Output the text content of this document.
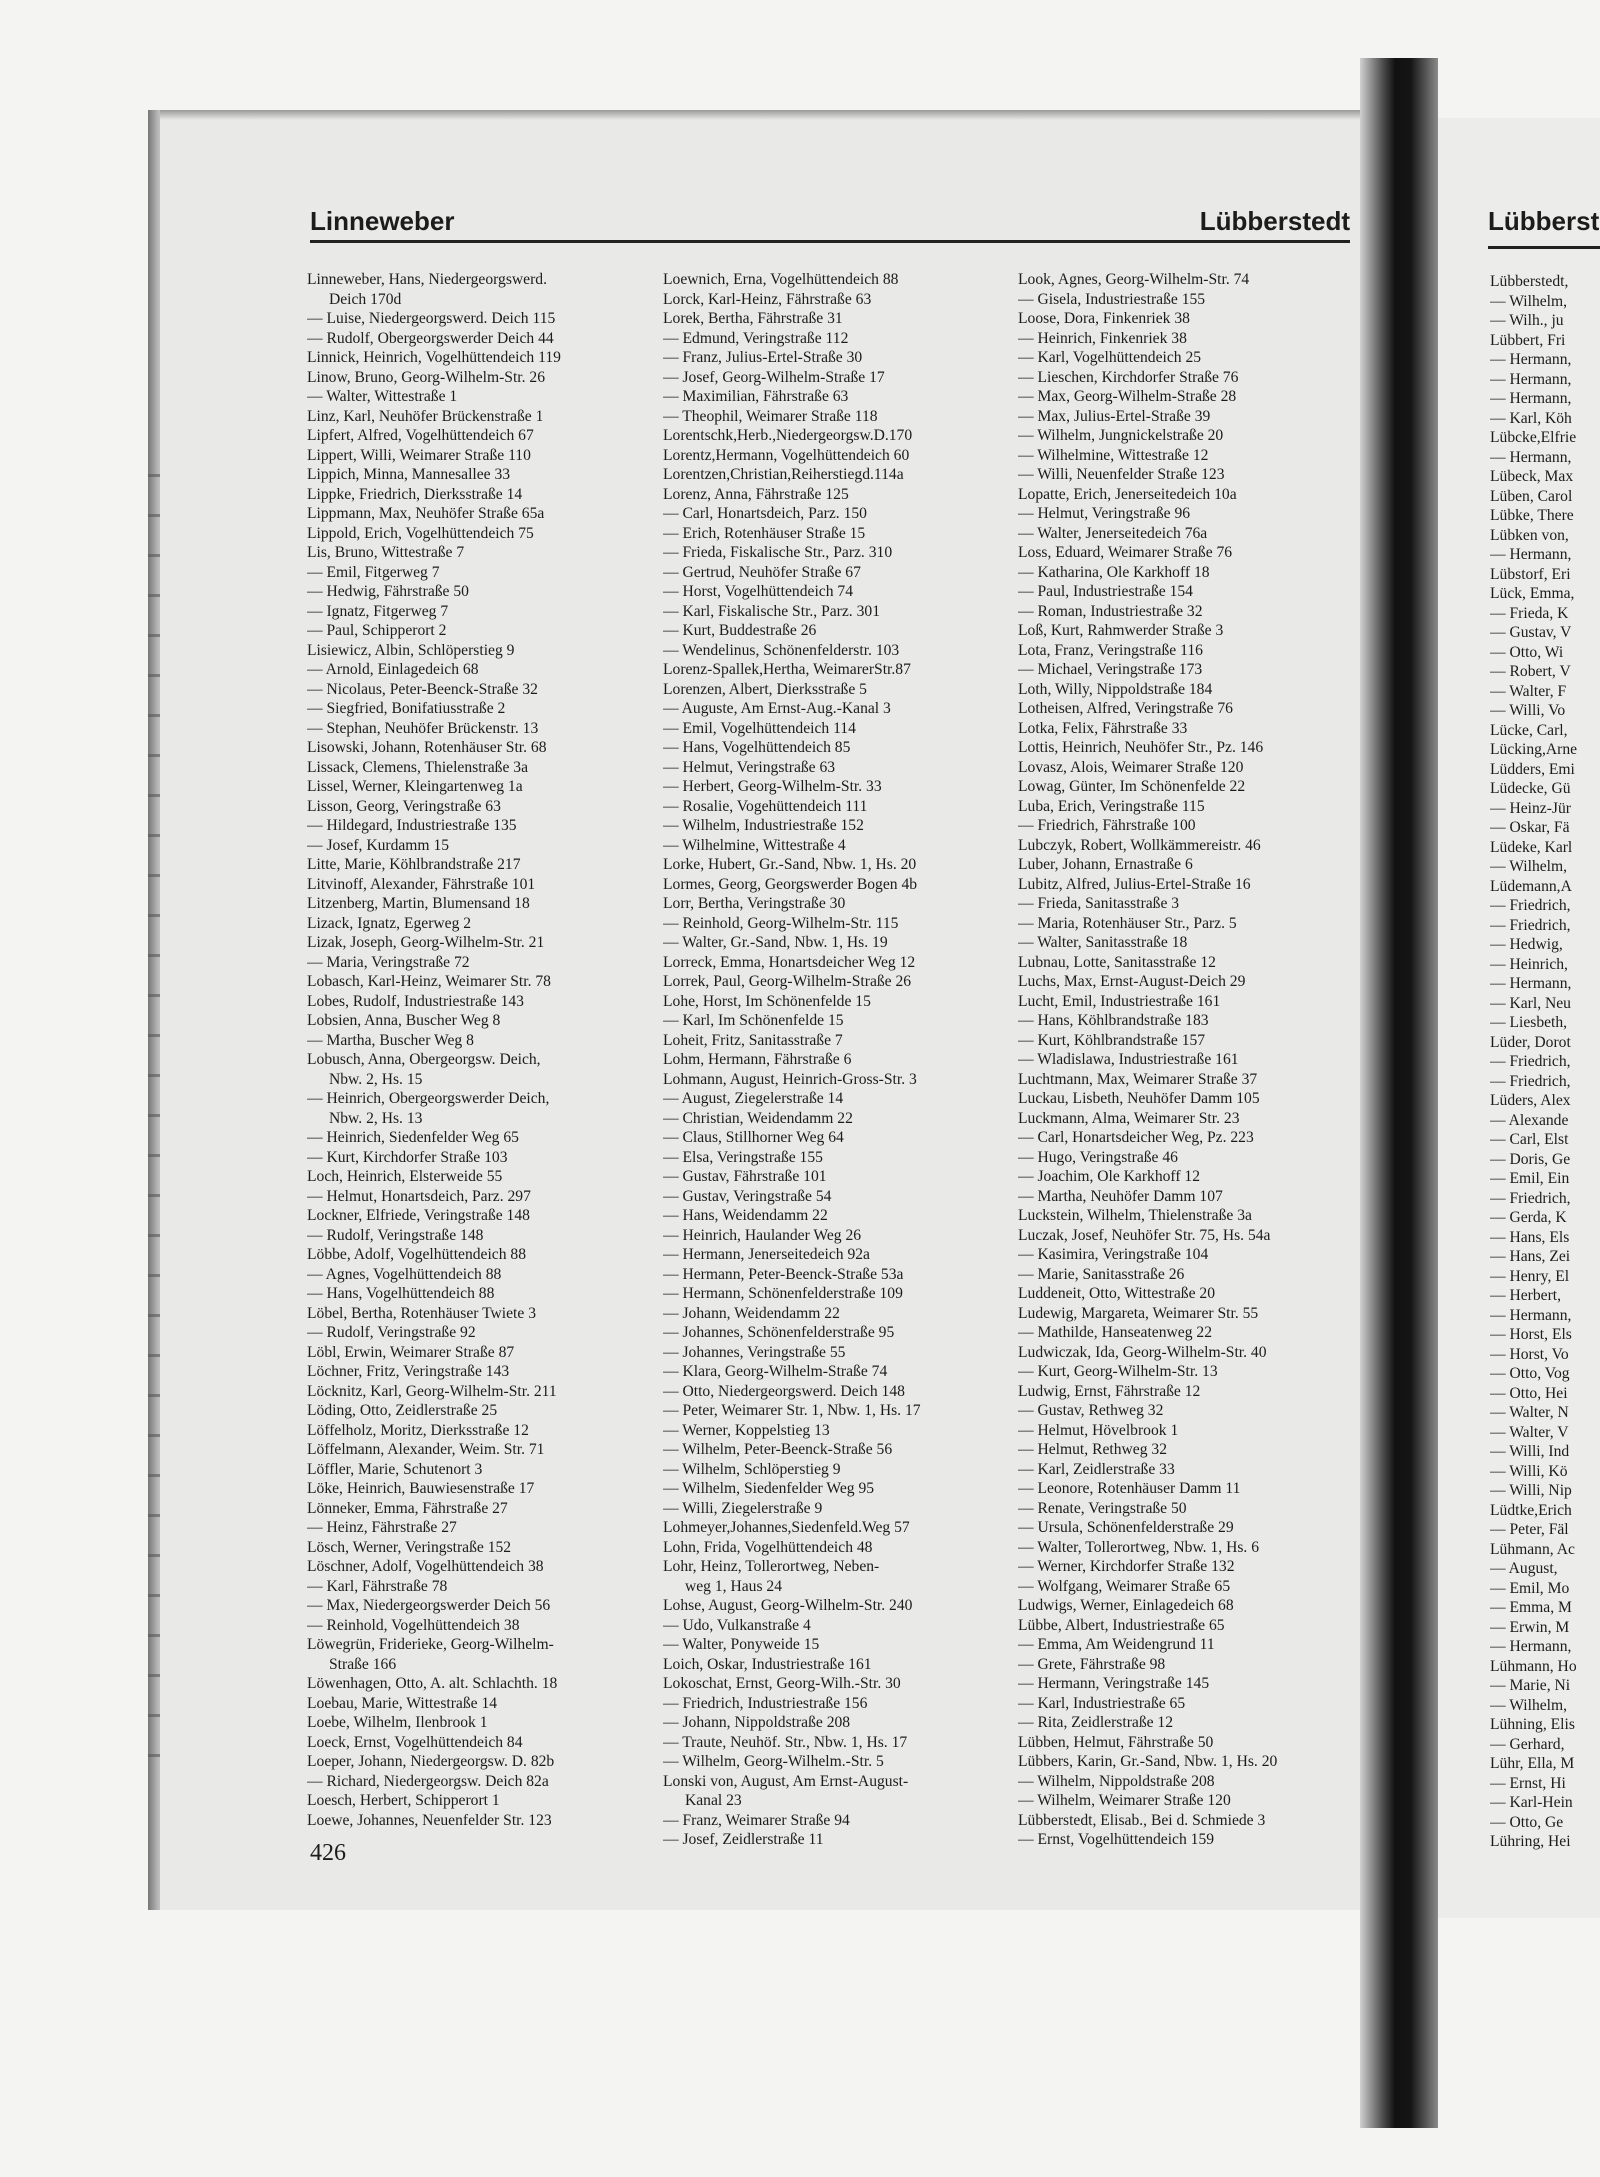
Linneweber	Lübberstedt
Linneweber, Hans, Niedergeorgswerd.
Deich 170d
— Luise, Niedergeorgswerd. Deich 115
— Rudolf, Obergeorgswerder Deich 44
Linnick, Heinrich, Vogelhüttendeich 119
Linow, Bruno, Georg-Wilhelm-Str. 26
— Walter, Wittestraße 1
Linz, Karl, Neuhöfer Brückenstraße 1
Lipfert, Alfred, Vogelhüttendeich 67
Lippert, Willi, Weimarer Straße 110
Lippich, Minna, Mannesallee 33
Lippke, Friedrich, Dierksstraße 14
Lippmann, Max, Neuhöfer Straße 65a
Lippold, Erich, Vogelhüttendeich 75
Lis, Bruno, Wittestraße 7
— Emil, Fitgerweg 7
— Hedwig, Fährstraße 50
— Ignatz, Fitgerweg 7
— Paul, Schipperort 2
Lisiewicz, Albin, Schlöperstieg 9
— Arnold, Einlagedeich 68
— Nicolaus, Peter-Beenck-Straße 32
— Siegfried, Bonifatiusstraße 2
— Stephan, Neuhöfer Brückenstr. 13
Lisowski, Johann, Rotenhäuser Str. 68
Lissack, Clemens, Thielenstraße 3a
Lissel, Werner, Kleingartenweg 1a
Lisson, Georg, Veringstraße 63
— Hildegard, Industriestraße 135
— Josef, Kurdamm 15
Litte, Marie, Köhlbrandstraße 217
Litvinoff, Alexander, Fährstraße 101
Litzenberg, Martin, Blumensand 18
Lizack, Ignatz, Egerweg 2
Lizak, Joseph, Georg-Wilhelm-Str. 21
— Maria, Veringstraße 72
Lobasch, Karl-Heinz, Weimarer Str. 78
Lobes, Rudolf, Industriestraße 143
Lobsien, Anna, Buscher Weg 8
— Martha, Buscher Weg 8
Lobusch, Anna, Obergeorgsw. Deich,
Nbw. 2, Hs. 15
— Heinrich, Obergeorgswerder Deich,
Nbw. 2, Hs. 13
— Heinrich, Siedenfelder Weg 65
— Kurt, Kirchdorfer Straße 103
Loch, Heinrich, Elsterweide 55
— Helmut, Honartsdeich, Parz. 297
Lockner, Elfriede, Veringstraße 148
— Rudolf, Veringstraße 148
Löbbe, Adolf, Vogelhüttendeich 88
— Agnes, Vogelhüttendeich 88
— Hans, Vogelhüttendeich 88
Löbel, Bertha, Rotenhäuser Twiete 3
— Rudolf, Veringstraße 92
Löbl, Erwin, Weimarer Straße 87
Löchner, Fritz, Veringstraße 143
Löcknitz, Karl, Georg-Wilhelm-Str. 211
Löding, Otto, Zeidlerstraße 25
Löffelholz, Moritz, Dierksstraße 12
Löffelmann, Alexander, Weim. Str. 71
Löffler, Marie, Schutenort 3
Löke, Heinrich, Bauwiesenstraße 17
Lönneker, Emma, Fährstraße 27
— Heinz, Fährstraße 27
Lösch, Werner, Veringstraße 152
Löschner, Adolf, Vogelhüttendeich 38
— Karl, Fährstraße 78
— Max, Niedergeorgswerder Deich 56
— Reinhold, Vogelhüttendeich 38
Löwegrün, Friderieke, Georg-Wilhelm-
Straße 166
Löwenhagen, Otto, A. alt. Schlachth. 18
Loebau, Marie, Wittestraße 14
Loebe, Wilhelm, Ilenbrook 1
Loeck, Ernst, Vogelhüttendeich 84
Loeper, Johann, Niedergeorgsw. D. 82b
— Richard, Niedergeorgsw. Deich 82a
Loesch, Herbert, Schipperort 1
Loewe, Johannes, Neuenfelder Str. 123
Loewnich, Erna, Vogelhüttendeich 88
Lorck, Karl-Heinz, Fährstraße 63
Lorek, Bertha, Fährstraße 31
— Edmund, Veringstraße 112
— Franz, Julius-Ertel-Straße 30
— Josef, Georg-Wilhelm-Straße 17
— Maximilian, Fährstraße 63
— Theophil, Weimarer Straße 118
Lorentschk,Herb.,Niedergeorgsw.D.170
Lorentz,Hermann, Vogelhüttendeich 60
Lorentzen,Christian,Reiherstiegd.114a
Lorenz, Anna, Fährstraße 125
— Carl, Honartsdeich, Parz. 150
— Erich, Rotenhäuser Straße 15
— Frieda, Fiskalische Str., Parz. 310
— Gertrud, Neuhöfer Straße 67
— Horst, Vogelhüttendeich 74
— Karl, Fiskalische Str., Parz. 301
— Kurt, Buddestraße 26
— Wendelinus, Schönenfelderstr. 103
Lorenz-Spallek,Hertha, WeimarerStr.87
Lorenzen, Albert, Dierksstraße 5
— Auguste, Am Ernst-Aug.-Kanal 3
— Emil, Vogelhüttendeich 114
— Hans, Vogelhüttendeich 85
— Helmut, Veringstraße 63
— Herbert, Georg-Wilhelm-Str. 33
— Rosalie, Vogehüttendeich 111
— Wilhelm, Industriestraße 152
— Wilhelmine, Wittestraße 4
Lorke, Hubert, Gr.-Sand, Nbw. 1, Hs. 20
Lormes, Georg, Georgswerder Bogen 4b
Lorr, Bertha, Veringstraße 30
— Reinhold, Georg-Wilhelm-Str. 115
— Walter, Gr.-Sand, Nbw. 1, Hs. 19
Lorreck, Emma, Honartsdeicher Weg 12
Lorrek, Paul, Georg-Wilhelm-Straße 26
Lohe, Horst, Im Schönenfelde 15
— Karl, Im Schönenfelde 15
Loheit, Fritz, Sanitasstraße 7
Lohm, Hermann, Fährstraße 6
Lohmann, August, Heinrich-Gross-Str. 3
— August, Ziegelerstraße 14
— Christian, Weidendamm 22
— Claus, Stillhorner Weg 64
— Elsa, Veringstraße 155
— Gustav, Fährstraße 101
— Gustav, Veringstraße 54
— Hans, Weidendamm 22
— Heinrich, Haulander Weg 26
— Hermann, Jenerseitedeich 92a
— Hermann, Peter-Beenck-Straße 53a
— Hermann, Schönenfelderstraße 109
— Johann, Weidendamm 22
— Johannes, Schönenfelderstraße 95
— Johannes, Veringstraße 55
— Klara, Georg-Wilhelm-Straße 74
— Otto, Niedergeorgswerd. Deich 148
— Peter, Weimarer Str. 1, Nbw. 1, Hs. 17
— Werner, Koppelstieg 13
— Wilhelm, Peter-Beenck-Straße 56
— Wilhelm, Schlöperstieg 9
— Wilhelm, Siedenfelder Weg 95
— Willi, Ziegelerstraße 9
Lohmeyer,Johannes,Siedenfeld.Weg 57
Lohn, Frida, Vogelhüttendeich 48
Lohr, Heinz, Tollerortweg, Neben-
weg 1, Haus 24
Lohse, August, Georg-Wilhelm-Str. 240
— Udo, Vulkanstraße 4
— Walter, Ponyweide 15
Loich, Oskar, Industriestraße 161
Lokoschat, Ernst, Georg-Wilh.-Str. 30
— Friedrich, Industriestraße 156
— Johann, Nippoldstraße 208
— Traute, Neuhöf. Str., Nbw. 1, Hs. 17
— Wilhelm, Georg-Wilhelm.-Str. 5
Lonski von, August, Am Ernst-August-
Kanal 23
— Franz, Weimarer Straße 94
— Josef, Zeidlerstraße 11
Look, Agnes, Georg-Wilhelm-Str. 74
— Gisela, Industriestraße 155
Loose, Dora, Finkenriek 38
— Heinrich, Finkenriek 38
— Karl, Vogelhüttendeich 25
— Lieschen, Kirchdorfer Straße 76
— Max, Georg-Wilhelm-Straße 28
— Max, Julius-Ertel-Straße 39
— Wilhelm, Jungnickelstraße 20
— Wilhelmine, Wittestraße 12
— Willi, Neuenfelder Straße 123
Lopatte, Erich, Jenerseitedeich 10a
— Helmut, Veringstraße 96
— Walter, Jenerseitedeich 76a
Loss, Eduard, Weimarer Straße 76
— Katharina, Ole Karkhoff 18
— Paul, Industriestraße 154
— Roman, Industriestraße 32
Loß, Kurt, Rahmwerder Straße 3
Lota, Franz, Veringstraße 116
— Michael, Veringstraße 173
Loth, Willy, Nippoldstraße 184
Lotheisen, Alfred, Veringstraße 76
Lotka, Felix, Fährstraße 33
Lottis, Heinrich, Neuhöfer Str., Pz. 146
Lovasz, Alois, Weimarer Straße 120
Lowag, Günter, Im Schönenfelde 22
Luba, Erich, Veringstraße 115
— Friedrich, Fährstraße 100
Lubczyk, Robert, Wollkämmereistr. 46
Luber, Johann, Ernastraße 6
Lubitz, Alfred, Julius-Ertel-Straße 16
— Frieda, Sanitasstraße 3
— Maria, Rotenhäuser Str., Parz. 5
— Walter, Sanitasstraße 18
Lubnau, Lotte, Sanitasstraße 12
Luchs, Max, Ernst-August-Deich 29
Lucht, Emil, Industriestraße 161
— Hans, Köhlbrandstraße 183
— Kurt, Köhlbrandstraße 157
— Wladislawa, Industriestraße 161
Luchtmann, Max, Weimarer Straße 37
Luckau, Lisbeth, Neuhöfer Damm 105
Luckmann, Alma, Weimarer Str. 23
— Carl, Honartsdeicher Weg, Pz. 223
— Hugo, Veringstraße 46
— Joachim, Ole Karkhoff 12
— Martha, Neuhöfer Damm 107
Luckstein, Wilhelm, Thielenstraße 3a
Luczak, Josef, Neuhöfer Str. 75, Hs. 54a
— Kasimira, Veringstraße 104
— Marie, Sanitasstraße 26
Luddeneit, Otto, Wittestraße 20
Ludewig, Margareta, Weimarer Str. 55
— Mathilde, Hanseatenweg 22
Ludwiczak, Ida, Georg-Wilhelm-Str. 40
— Kurt, Georg-Wilhelm-Str. 13
Ludwig, Ernst, Fährstraße 12
— Gustav, Rethweg 32
— Helmut, Hövelbrook 1
— Helmut, Rethweg 32
— Karl, Zeidlerstraße 33
— Leonore, Rotenhäuser Damm 11
— Renate, Veringstraße 50
— Ursula, Schönenfelderstraße 29
— Walter, Tollerortweg, Nbw. 1, Hs. 6
— Werner, Kirchdorfer Straße 132
— Wolfgang, Weimarer Straße 65
Ludwigs, Werner, Einlagedeich 68
Lübbe, Albert, Industriestraße 65
— Emma, Am Weidengrund 11
— Grete, Fährstraße 98
— Hermann, Veringstraße 145
— Karl, Industriestraße 65
— Rita, Zeidlerstraße 12
Lübben, Helmut, Fährstraße 50
Lübbers, Karin, Gr.-Sand, Nbw. 1, Hs. 20
— Wilhelm, Nippoldstraße 208
— Wilhelm, Weimarer Straße 120
Lübberstedt, Elisab., Bei d. Schmiede 3
— Ernst, Vogelhüttendeich 159
426
Lübberst
Lübberstedt,
— Wilhelm,
— Wilh., ju
Lübbert, Fri
— Hermann,
— Hermann,
— Hermann,
— Karl, Köh
Lübcke,Elfrie
— Hermann,
Lübeck, Max
Lüben, Carol
Lübke, There
Lübken von,
— Hermann,
Lübstorf, Eri
Lück, Emma,
— Frieda, K
— Gustav, V
— Otto, Wi
— Robert, V
— Walter, F
— Willi, Vo
Lücke, Carl,
Lücking,Arne
Lüdders, Emi
Lüdecke, Gü
— Heinz-Jür
— Oskar, Fä
Lüdeke, Karl
— Wilhelm,
Lüdemann,A
— Friedrich,
— Friedrich,
— Hedwig,
— Heinrich,
— Hermann,
— Karl, Neu
— Liesbeth,
Lüder, Dorot
— Friedrich,
— Friedrich,
Lüders, Alex
— Alexande
— Carl, Elst
— Doris, Ge
— Emil, Ein
— Friedrich,
— Gerda, K
— Hans, Els
— Hans, Zei
— Henry, El
— Herbert,
— Hermann,
— Horst, Els
— Horst, Vo
— Otto, Vog
— Otto, Hei
— Walter, N
— Walter, V
— Willi, Ind
— Willi, Kö
— Willi, Nip
Lüdtke,Erich
— Peter, Fäl
Lühmann, Ac
— August,
— Emil, Mo
— Emma, M
— Erwin, M
— Hermann,
Lühmann, Ho
— Marie, Ni
— Wilhelm,
Lühning, Elis
— Gerhard,
Lühr, Ella, M
— Ernst, Hi
— Karl-Hein
— Otto, Ge
Lühring, Hei
